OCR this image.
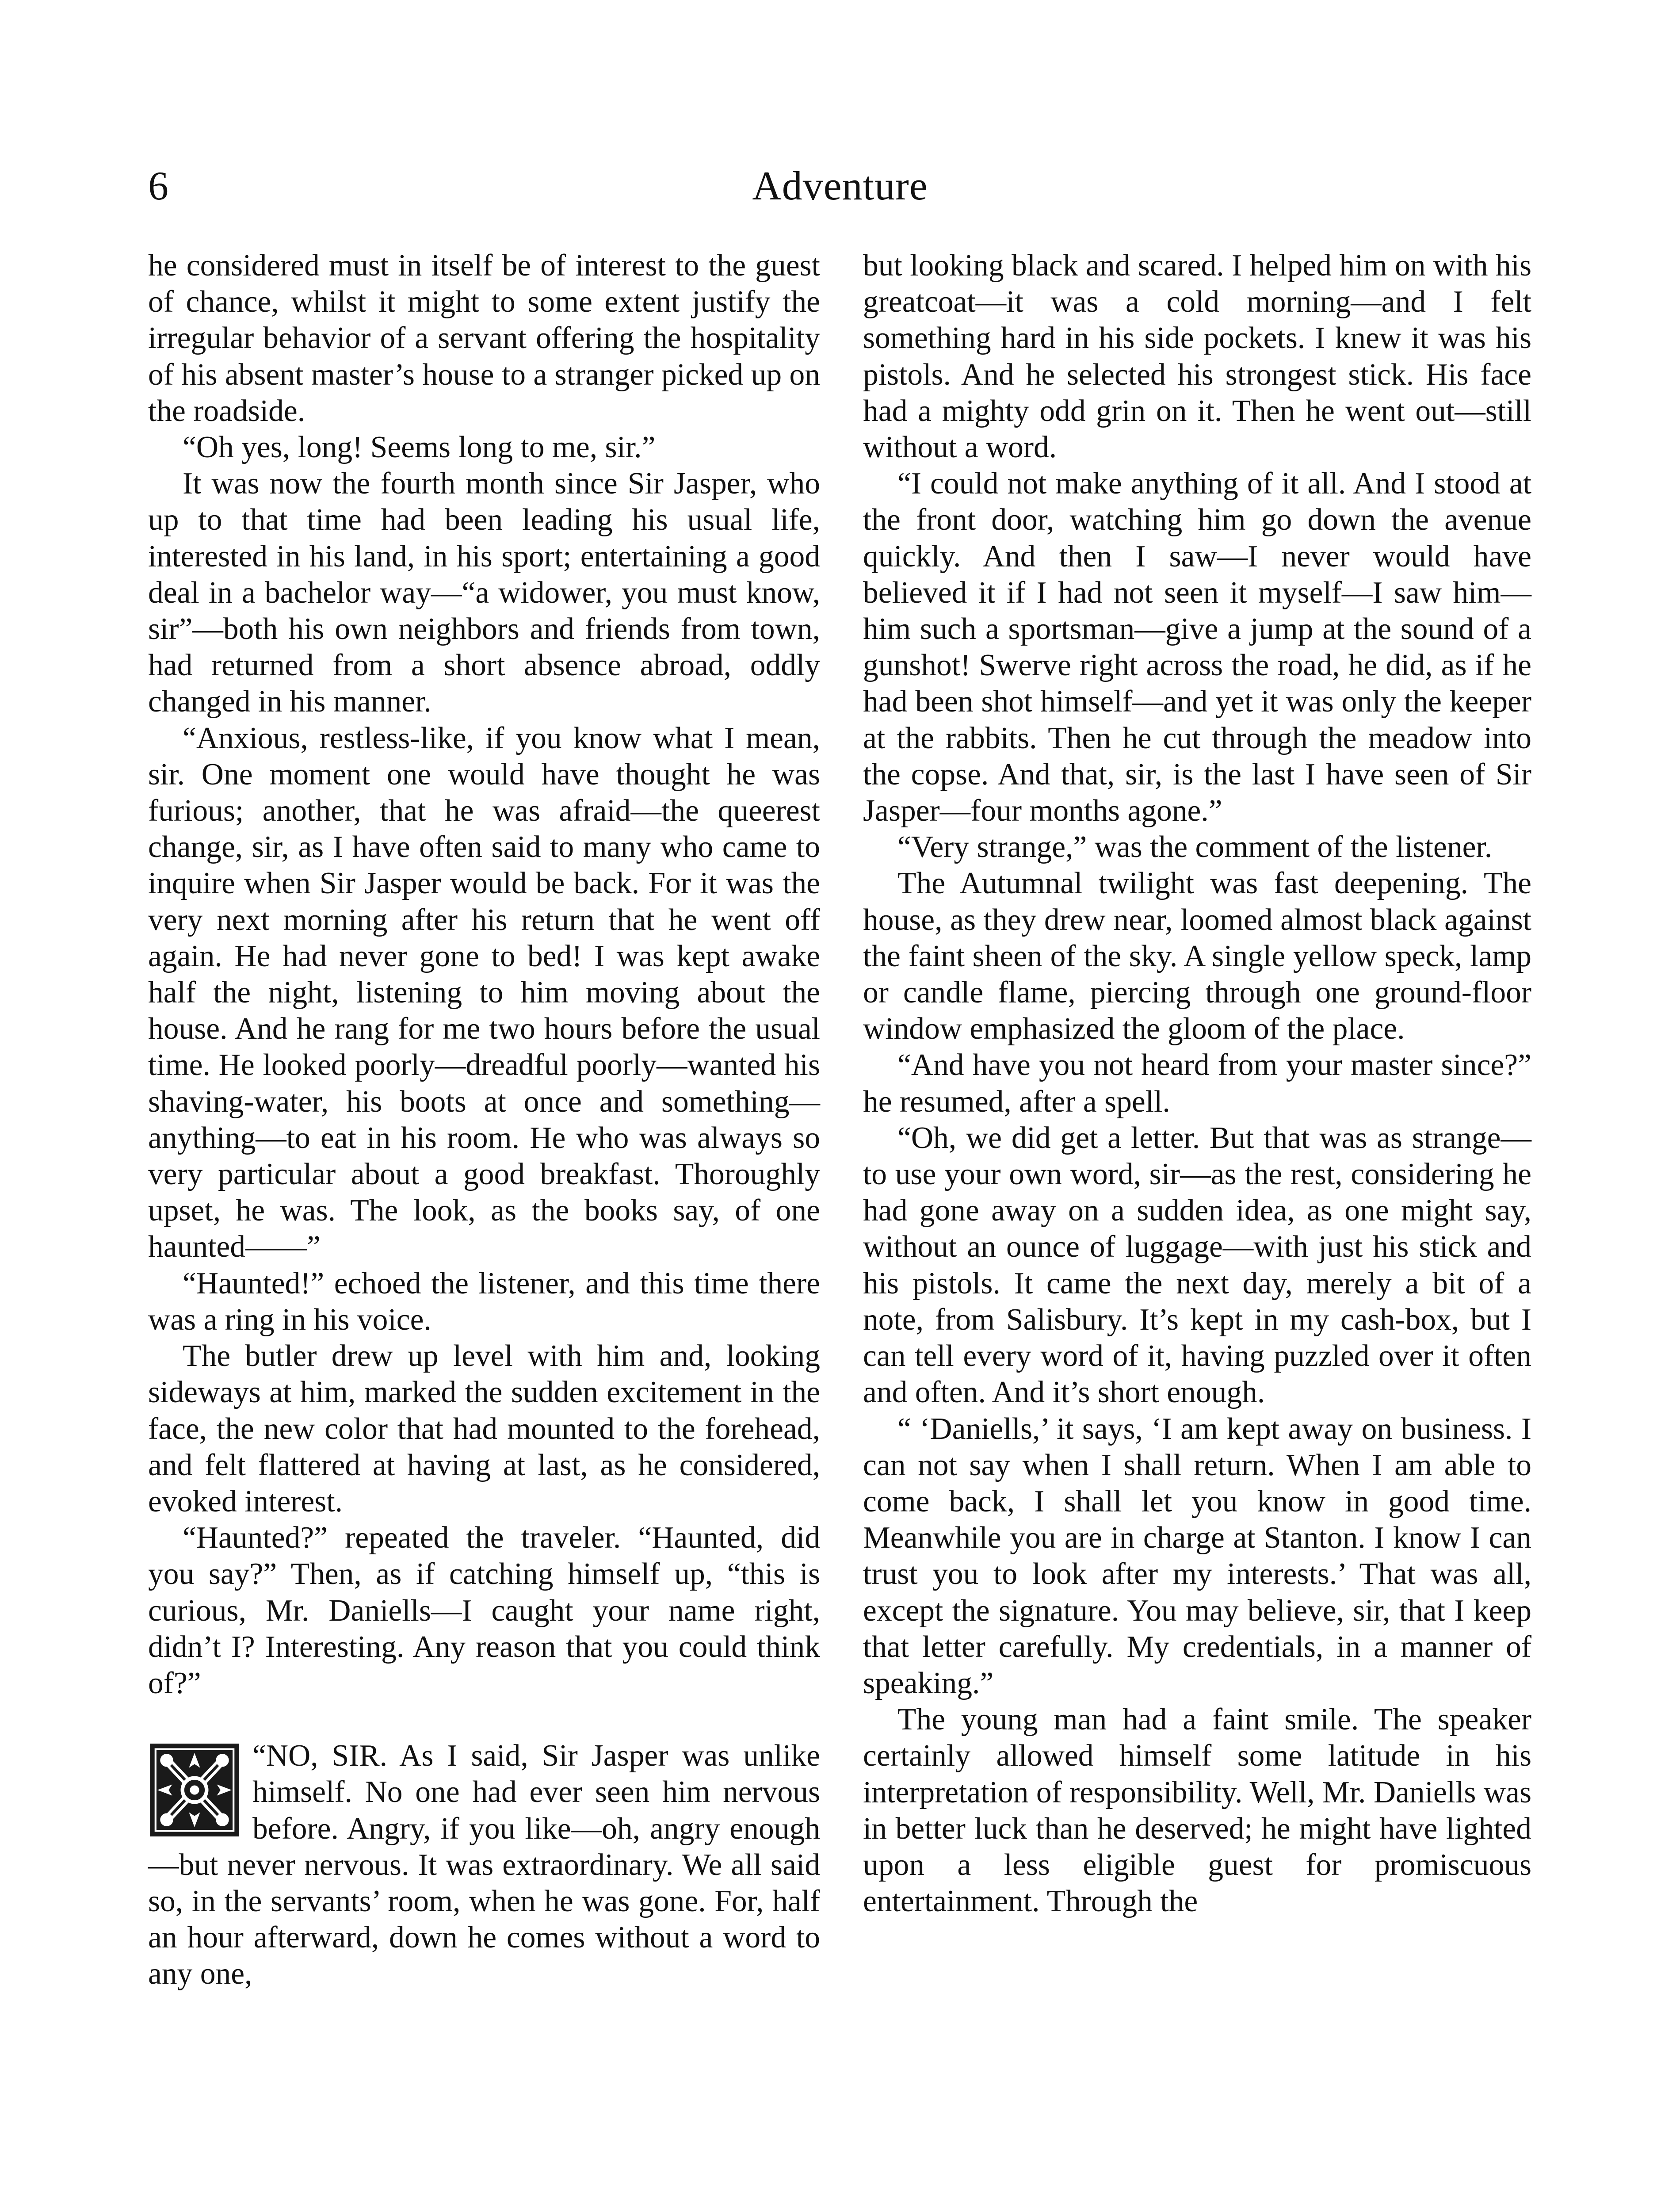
6	Adventure

he considered must in itself be of interest to the guest of chance, whilst it might to some extent justify the irregular behavior of a servant offering the hospitality of his absent master’s house to a stranger picked up on the roadside.

“Oh yes, long! Seems long to me, sir.”

It was now the fourth month since Sir Jasper, who up to that time had been leading his usual life, interested in his land, in his sport; entertaining a good deal in a bachelor way—“a widower, you must know, sir”—both his own neighbors and friends from town, had returned from a short absence abroad, oddly changed in his manner.

“Anxious, restless-like, if you know what I mean, sir. One moment one would have thought he was furious; another, that he was afraid—the queerest change, sir, as I have often said to many who came to inquire when Sir Jasper would be back. For it was the very next morning after his return that he went off again. He had never gone to bed! I was kept awake half the night, listening to him moving about the house. And he rang for me two hours before the usual time. He looked poorly—dreadful poorly—wanted his shaving-water, his boots at once and something—anything—to eat in his room. He who was always so very particular about a good breakfast. Thoroughly upset, he was. The look, as the books say, of one haunted——”

“Haunted!” echoed the listener, and this time there was a ring in his voice.

The butler drew up level with him and, looking sideways at him, marked the sudden excitement in the face, the new color that had mounted to the forehead, and felt flattered at having at last, as he considered, evoked interest.

“Haunted?” repeated the traveler. “Haunted, did you say?” Then, as if catching himself up, “this is curious, Mr. Daniells—I caught your name right, didn’t I? Interesting. Any reason that you could think of?”

“NO, SIR. As I said, Sir Jasper was unlike himself. No one had ever seen him nervous before. Angry, if you like—oh, angry enough—but never nervous. It was extraordinary. We all said so, in the servants’ room, when he was gone. For, half an hour afterward, down he comes without a word to any one,

but looking black and scared. I helped him on with his greatcoat—it was a cold morning—and I felt something hard in his side pockets. I knew it was his pistols. And he selected his strongest stick. His face had a mighty odd grin on it. Then he went out—still without a word.

“I could not make anything of it all. And I stood at the front door, watching him go down the avenue quickly. And then I saw—I never would have believed it if I had not seen it myself—I saw him—him such a sportsman—give a jump at the sound of a gunshot! Swerve right across the road, he did, as if he had been shot himself—and yet it was only the keeper at the rabbits. Then he cut through the meadow into the copse. And that, sir, is the last I have seen of Sir Jasper—four months agone.”

“Very strange,” was the comment of the listener.

The Autumnal twilight was fast deepening. The house, as they drew near, loomed almost black against the faint sheen of the sky. A single yellow speck, lamp or candle flame, piercing through one ground-floor window emphasized the gloom of the place.

“And have you not heard from your master since?” he resumed, after a spell.

“Oh, we did get a letter. But that was as strange—to use your own word, sir—as the rest, considering he had gone away on a sudden idea, as one might say, without an ounce of luggage—with just his stick and his pistols. It came the next day, merely a bit of a note, from Salisbury. It’s kept in my cash-box, but I can tell every word of it, having puzzled over it often and often. And it’s short enough.

“ ‘Daniells,’ it says, ‘I am kept away on business. I can not say when I shall return. When I am able to come back, I shall let you know in good time. Meanwhile you are in charge at Stanton. I know I can trust you to look after my interests.’ That was all, except the signature. You may believe, sir, that I keep that letter carefully. My credentials, in a manner of speaking.”

The young man had a faint smile. The speaker certainly allowed himself some latitude in his interpretation of responsibility. Well, Mr. Daniells was in better luck than he deserved; he might have lighted upon a less eligible guest for promiscuous entertainment. Through the
